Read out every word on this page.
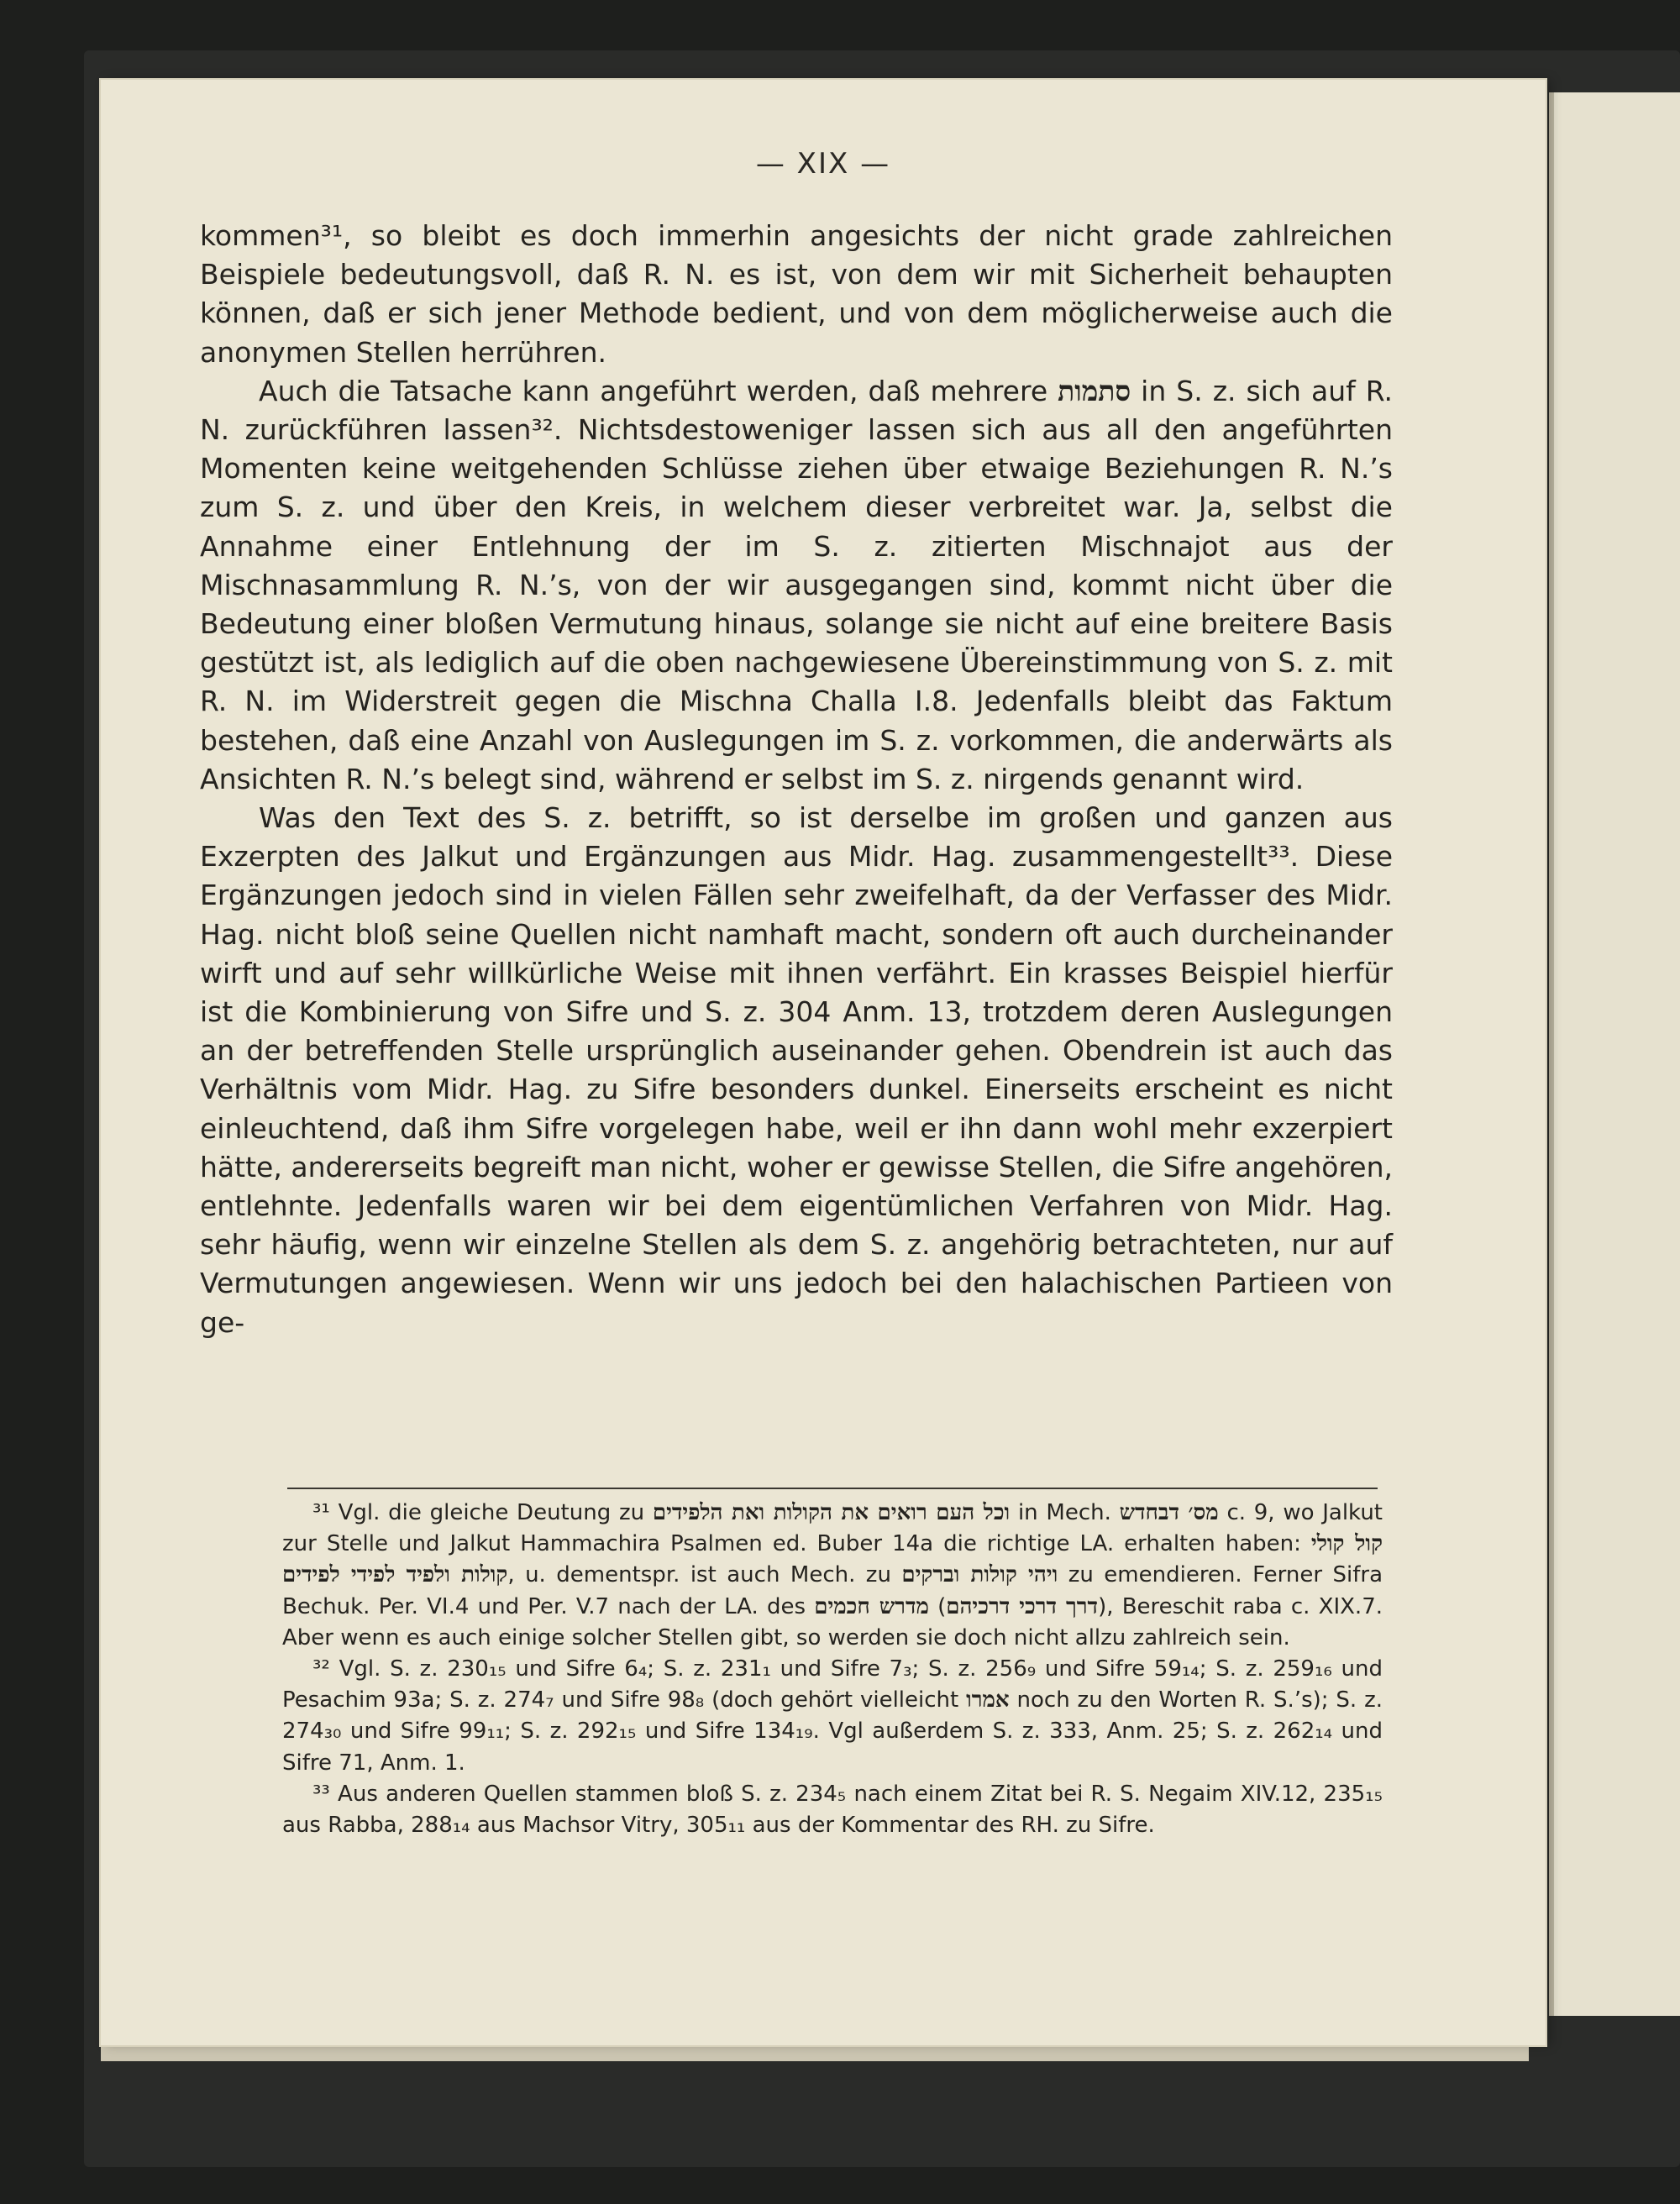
— XIX —

kommen³¹, so bleibt es doch immerhin angesichts der nicht grade zahlreichen Beispiele bedeutungsvoll, daß R. N. es ist, von dem wir mit Sicherheit behaupten können, daß er sich jener Methode bedient, und von dem möglicherweise auch die anonymen Stellen herrühren.

Auch die Tatsache kann angeführt werden, daß mehrere סתמות in S. z. sich auf R. N. zurückführen lassen³². Nichtsdestoweniger lassen sich aus all den angeführten Momenten keine weitgehenden Schlüsse ziehen über etwaige Beziehungen R. N.’s zum S. z. und über den Kreis, in welchem dieser verbreitet war. Ja, selbst die Annahme einer Entlehnung der im S. z. zitierten Mischnajot aus der Mischnasammlung R. N.’s, von der wir ausgegangen sind, kommt nicht über die Bedeutung einer bloßen Vermutung hinaus, solange sie nicht auf eine breitere Basis gestützt ist, als lediglich auf die oben nachgewiesene Übereinstimmung von S. z. mit R. N. im Widerstreit gegen die Mischna Challa I.8. Jedenfalls bleibt das Faktum bestehen, daß eine Anzahl von Auslegungen im S. z. vorkommen, die anderwärts als Ansichten R. N.’s belegt sind, während er selbst im S. z. nirgends genannt wird.

Was den Text des S. z. betrifft, so ist derselbe im großen und ganzen aus Exzerpten des Jalkut und Ergänzungen aus Midr. Hag. zusammengestellt³³. Diese Ergänzungen jedoch sind in vielen Fällen sehr zweifelhaft, da der Verfasser des Midr. Hag. nicht bloß seine Quellen nicht namhaft macht, sondern oft auch durcheinander wirft und auf sehr willkürliche Weise mit ihnen verfährt. Ein krasses Beispiel hierfür ist die Kombinierung von Sifre und S. z. 304 Anm. 13, trotzdem deren Auslegungen an der betreffenden Stelle ursprünglich auseinander gehen. Obendrein ist auch das Verhältnis vom Midr. Hag. zu Sifre besonders dunkel. Einerseits erscheint es nicht einleuchtend, daß ihm Sifre vorgelegen habe, weil er ihn dann wohl mehr exzerpiert hätte, andererseits begreift man nicht, woher er gewisse Stellen, die Sifre angehören, entlehnte. Jedenfalls waren wir bei dem eigentümlichen Verfahren von Midr. Hag. sehr häufig, wenn wir einzelne Stellen als dem S. z. angehörig betrachteten, nur auf Vermutungen angewiesen. Wenn wir uns jedoch bei den halachischen Partieen von ge-

³¹ Vgl. die gleiche Deutung zu וכל העם רואים את הקולות ואת הלפידים in Mech. מס׳ דבחדש c. 9, wo Jalkut zur Stelle und Jalkut Hammachira Psalmen ed. Buber 14a die richtige LA. erhalten haben: קול קולי קולות ולפיד לפידי לפידים, u. dementspr. ist auch Mech. zu ויהי קולות וברקים zu emendieren. Ferner Sifra Bechuk. Per. VI.4 und Per. V.7 nach der LA. des מדרש חכמים (דרך דרכי דרכיהם), Bereschit raba c. XIX.7. Aber wenn es auch einige solcher Stellen gibt, so werden sie doch nicht allzu zahlreich sein.

³² Vgl. S. z. 230₁₅ und Sifre 6₄; S. z. 231₁ und Sifre 7₃; S. z. 256₉ und Sifre 59₁₄; S. z. 259₁₆ und Pesachim 93a; S. z. 274₇ und Sifre 98₈ (doch gehört vielleicht אמרו noch zu den Worten R. S.’s); S. z. 274₃₀ und Sifre 99₁₁; S. z. 292₁₅ und Sifre 134₁₉. Vgl außerdem S. z. 333, Anm. 25; S. z. 262₁₄ und Sifre 71, Anm. 1.

³³ Aus anderen Quellen stammen bloß S. z. 234₅ nach einem Zitat bei R. S. Negaim XIV.12, 235₁₅ aus Rabba, 288₁₄ aus Machsor Vitry, 305₁₁ aus der Kommentar des RH. zu Sifre.
